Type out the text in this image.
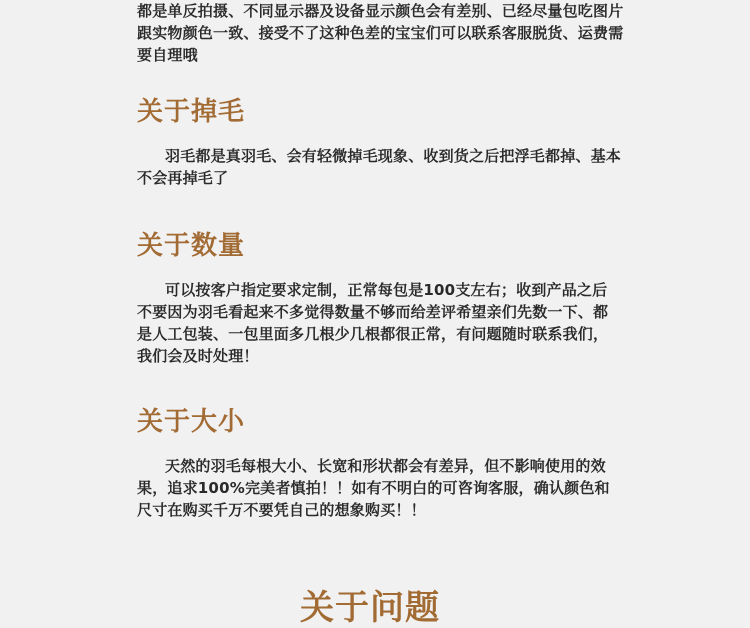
都是单反拍摄、不同显示器及设备显示颜色会有差别、已经尽量包吃图片跟实物颜色一致、接受不了这种色差的宝宝们可以联系客服脱货、运费需要自理哦

关于掉毛

羽毛都是真羽毛、会有轻微掉毛现象、收到货之后把浮毛都掉、基本不会再掉毛了

关于数量

可以按客户指定要求定制，正常每包是100支左右；收到产品之后不要因为羽毛看起来不多觉得数量不够而给差评希望亲们先数一下、都是人工包装、一包里面多几根少几根都很正常，有问题随时联系我们，我们会及时处理！

关于大小

天然的羽毛每根大小、长宽和形状都会有差异，但不影响使用的效果，追求100%完美者慎拍！！如有不明白的可咨询客服，确认颜色和尺寸在购买千万不要凭自己的想象购买！！

关于问题
